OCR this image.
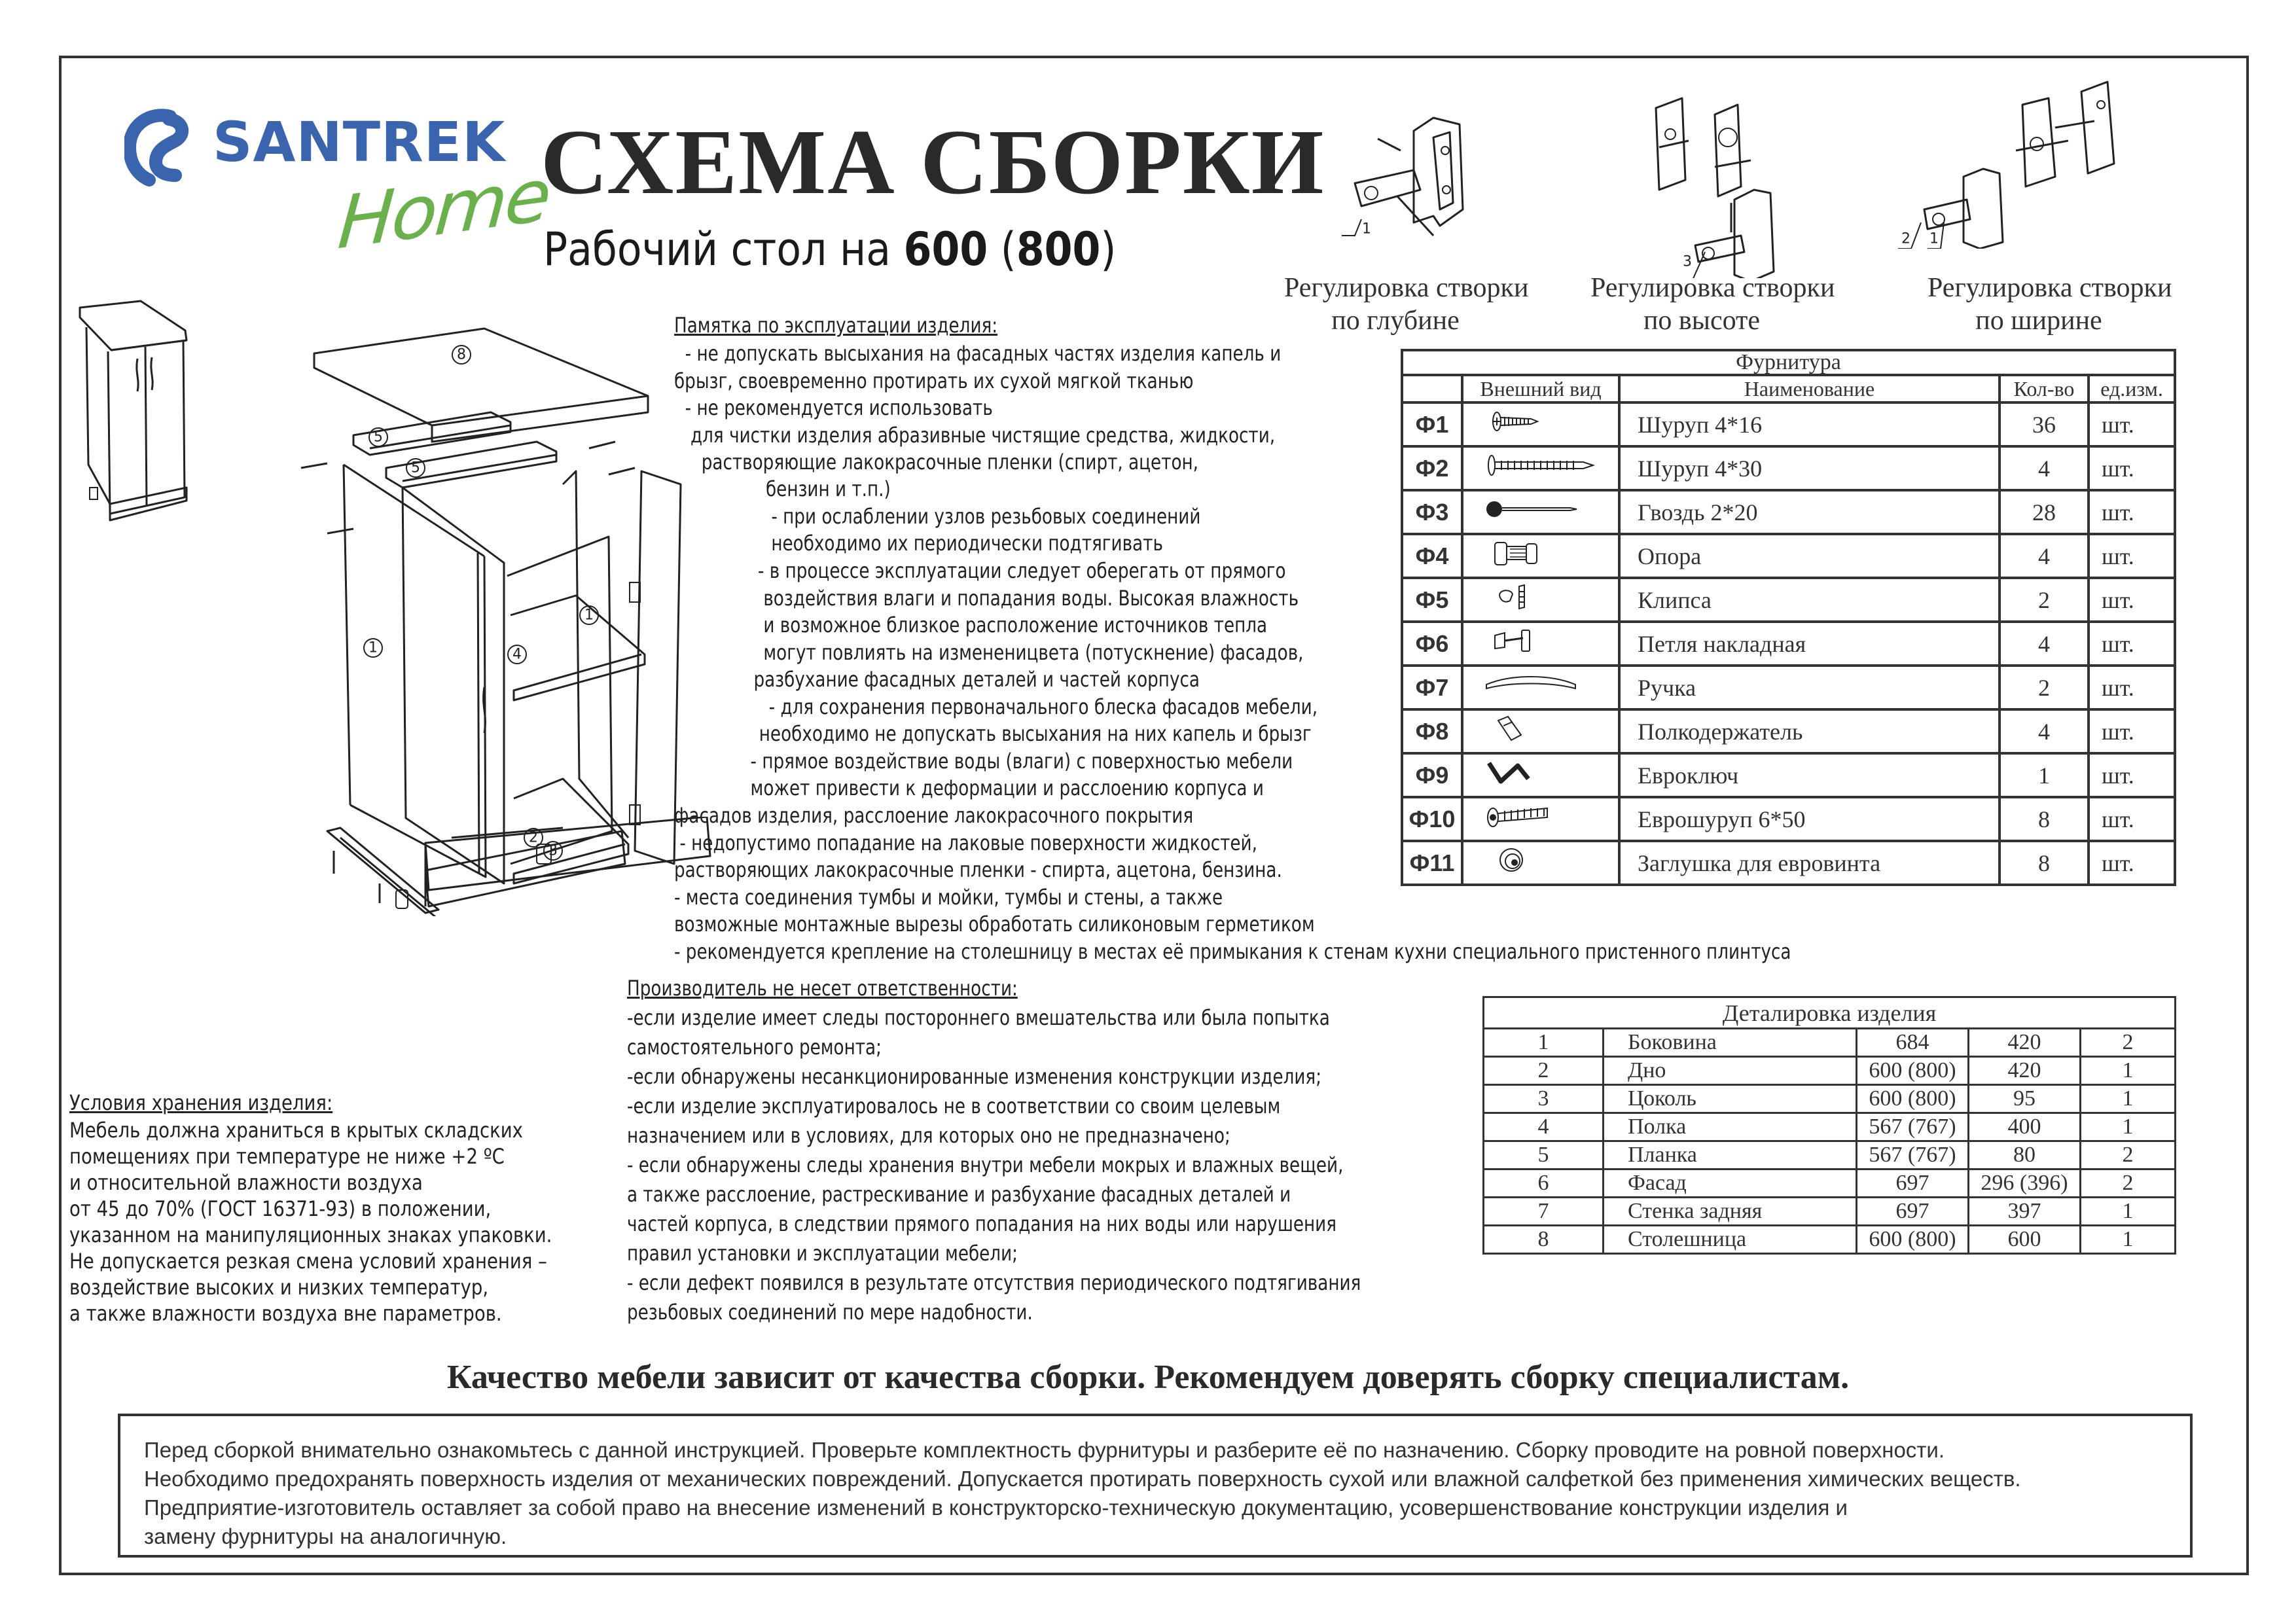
SANTREK
Home
СХЕМА СБОРКИ
Рабочий стол на 600 (800)	1
3
2 1
Регулировка створки
по глубине
Регулировка створки
по высоте
Регулировка створки
по ширине
8
5
5
1	4
2
1
3
Памятка по эксплуатации изделия:
- не допускать высыхания на фасадных частях изделия капель и
брызг, своевременно протирать их сухой мягкой тканью
- не рекомендуется использовать
для чистки изделия абразивные чистящие средства, жидкости,
растворяющие лакокрасочные пленки (спирт, ацетон,
бензин и т.п.)
- при ослаблении узлов резьбовых соединений
необходимо их периодически подтягивать
- в процессе эксплуатации следует оберегать от прямого
воздействия влаги и попадания воды. Высокая влажность
и возможное близкое расположение источников тепла
могут повлиять на измененицвета (потускнение) фасадов,
разбухание фасадных деталей и частей корпуса
- для сохранения первоначального блеска фасадов мебели,
необходимо не допускать высыхания на них капель и брызг
- прямое воздействие воды (влаги) с поверхностью мебели
может привести к деформации и расслоению корпуса и
фасадов изделия, расслоение лакокрасочного покрытия
- недопустимо попадание на лаковые поверхности жидкостей,
растворяющих лакокрасочные пленки - спирта, ацетона, бензина.
- места соединения тумбы и мойки, тумбы и стены, а также
возможные монтажные вырезы обработать силиконовым герметиком
- рекомендуется крепление на столешницу в местах её примыкания к стенам кухни специального пристенного плинтуса
Фурнитура				
	Внешний вид	Наименование	Кол-во	ед.изм.
Ф1		Шуруп 4*16	36	шт.
Ф2		Шуруп 4*30	4	шт.
Ф3		Гвоздь 2*20	28	шт.
Ф4		Опора	4	шт.
Ф5		Клипса	2	шт.
Ф6		Петля накладная	4	шт.
Ф7		Ручка	2	шт.
Ф8		Полкодержатель	4	шт.
Ф9		Евроключ	1	шт.
Ф10		Еврошуруп 6*50	8	шт.
Ф11		Заглушка для евровинта	8	шт.
Производитель не несет ответственности:
-если изделие имеет следы постороннего вмешательства или была попытка
самостоятельного ремонта;
-если обнаружены несанкционированные изменения конструкции изделия;
-если изделие эксплуатировалось не в соответствии со своим целевым
назначением или в условиях, для которых оно не предназначено;
- если обнаружены следы хранения внутри мебели мокрых и влажных вещей,
а также расслоение, растрескивание и разбухание фасадных деталей и
частей корпуса, в следствии прямого попадания на них воды или нарушения
правил установки и эксплуатации мебели;
- если дефект появился в результате отсутствия периодического подтягивания
резьбовых соединений по мере надобности.
Деталировка изделия				
1	Боковина	684	420	2
2	Дно	600 (800)	420	1
3	Цоколь	600 (800)	95	1
4	Полка	567 (767)	400	1
5	Планка	567 (767)	80	2
6	Фасад	697	296 (396)	2
7	Стенка задняя	697	397	1
8	Столешница	600 (800)	600	1
Условия хранения изделия:
Мебель должна храниться в крытых складских
помещениях при температуре не ниже +2 ºС
и относительной влажности воздуха
от 45 до 70% (ГОСТ 16371-93) в положении,
указанном на манипуляционных знаках упаковки.
Не допускается резкая смена условий хранения –
воздействие высоких и низких температур,
а также влажности воздуха вне параметров.
Качество мебели зависит от качества сборки. Рекомендуем доверять сборку специалистам.
Перед сборкой внимательно ознакомьтесь с данной инструкцией. Проверьте комплектность фурнитуры и разберите её по назначению. Сборку проводите на ровной поверхности.
Необходимо предохранять поверхность изделия от механических повреждений. Допускается протирать поверхность сухой или влажной салфеткой без применения химических веществ.
Предприятие-изготовитель оставляет за собой право на внесение изменений в конструкторско-техническую документацию, усовершенствование конструкции изделия и
замену фурнитуры на аналогичную.
